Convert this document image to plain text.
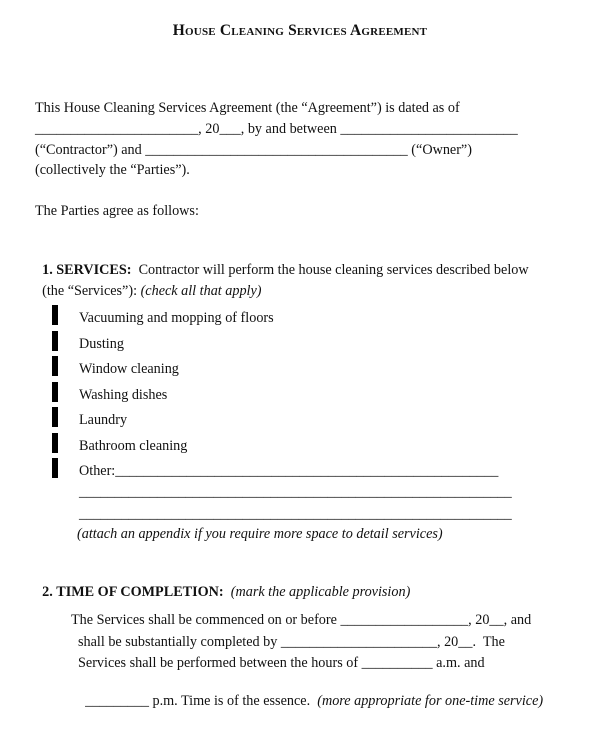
House Cleaning Services Agreement
This House Cleaning Services Agreement (the “Agreement”) is dated as of
_______________________, 20___, by and between _________________________
(“Contractor”) and _____________________________________ (“Owner”)
(collectively the “Parties”).
The Parties agree as follows:

1. SERVICES: Contractor will perform the house cleaning services described below

(the “Services”): (check all that apply)

Vacuuming and mopping of floors
Dusting
Window cleaning
Washing dishes
Laundry
Bathroom cleaning
Other:______________________________________________________
_____________________________________________________________
_____________________________________________________________
(attach an appendix if you require more space to detail services)

2. TIME OF COMPLETION: (mark the applicable provision)

The Services shall be commenced on or before __________________, 20__, and
shall be substantially completed by ______________________, 20__.  The
Services shall be performed between the hours of __________ a.m. and

_________ p.m. Time is of the essence. (more appropriate for one-time service)
